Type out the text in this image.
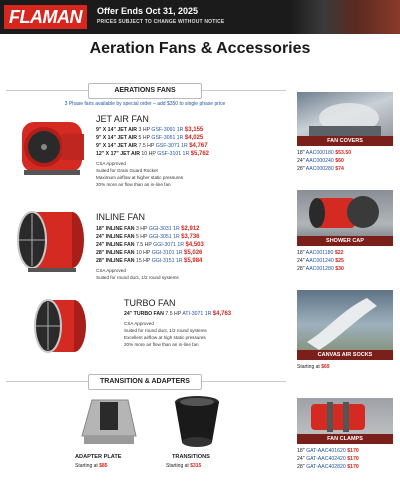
FLAMAN	Offer Ends Oct 31, 2025
PRICES SUBJECT TO CHANGE WITHOUT NOTICE
Aeration Fans & Accessories
AERATIONS FANS
3 Phase fans available by special order – add $350 to single phase price
JET AIR FAN
9" X 14" JET AIR 3 HP GSF-3091 1R $3,155
9" X 14" JET AIR 5 HP GSF-3051 1R $4,025
9" X 14" JET AIR 7.5 HP GSF-3071 1R $4,767
12" X 17" JET AIR 10 HP GSF-3101 1R $5,762
CSA Approved
Suited for Grain Guard Rocket
Maximum airflow at higher static pressures
20% more air flow than an in-line fan
INLINE FAN
18" INLINE FAN 3 HP GGI-3031 1R $2,912
24" INLINE FAN 5 HP GGI-3051 1R $3,736
24" INLINE FAN 7.5 HP GGI-3071 1R $4,503
28" INLINE FAN 10 HP GGI-3101 1R $5,026
28" INLINE FAN 15 HP GGI-3151 1R $5,984
CSA Approved
Suited for round duct, 1/2 round systems
TURBO FAN
24" TURBO FAN 7.5 HP ATI-3071 1R $4,763
CSA Approved
Suited for round duct, 1/2 round systems
Excellent airflow at high static pressures
20% more air flow than an in-line fan
TRANSITION & ADAPTERS
ADAPTER PLATE
Starting at $85
TRANSITIONS
Starting at $315
FAN COVERS
18" AAC000180 $53.50
24" AAC000240 $60
28" AAC000280 $74
SHOWER CAP
18" AAC001180 $22
24" AAC001240 $25
28" AAC001280 $30
CANVAS AIR SOCKS
Starting at $69
FAN CLAMPS
18" GAT-AAC401620 $170
24" GAT-AAC402420 $170
28" GAT-AAC402820 $170
